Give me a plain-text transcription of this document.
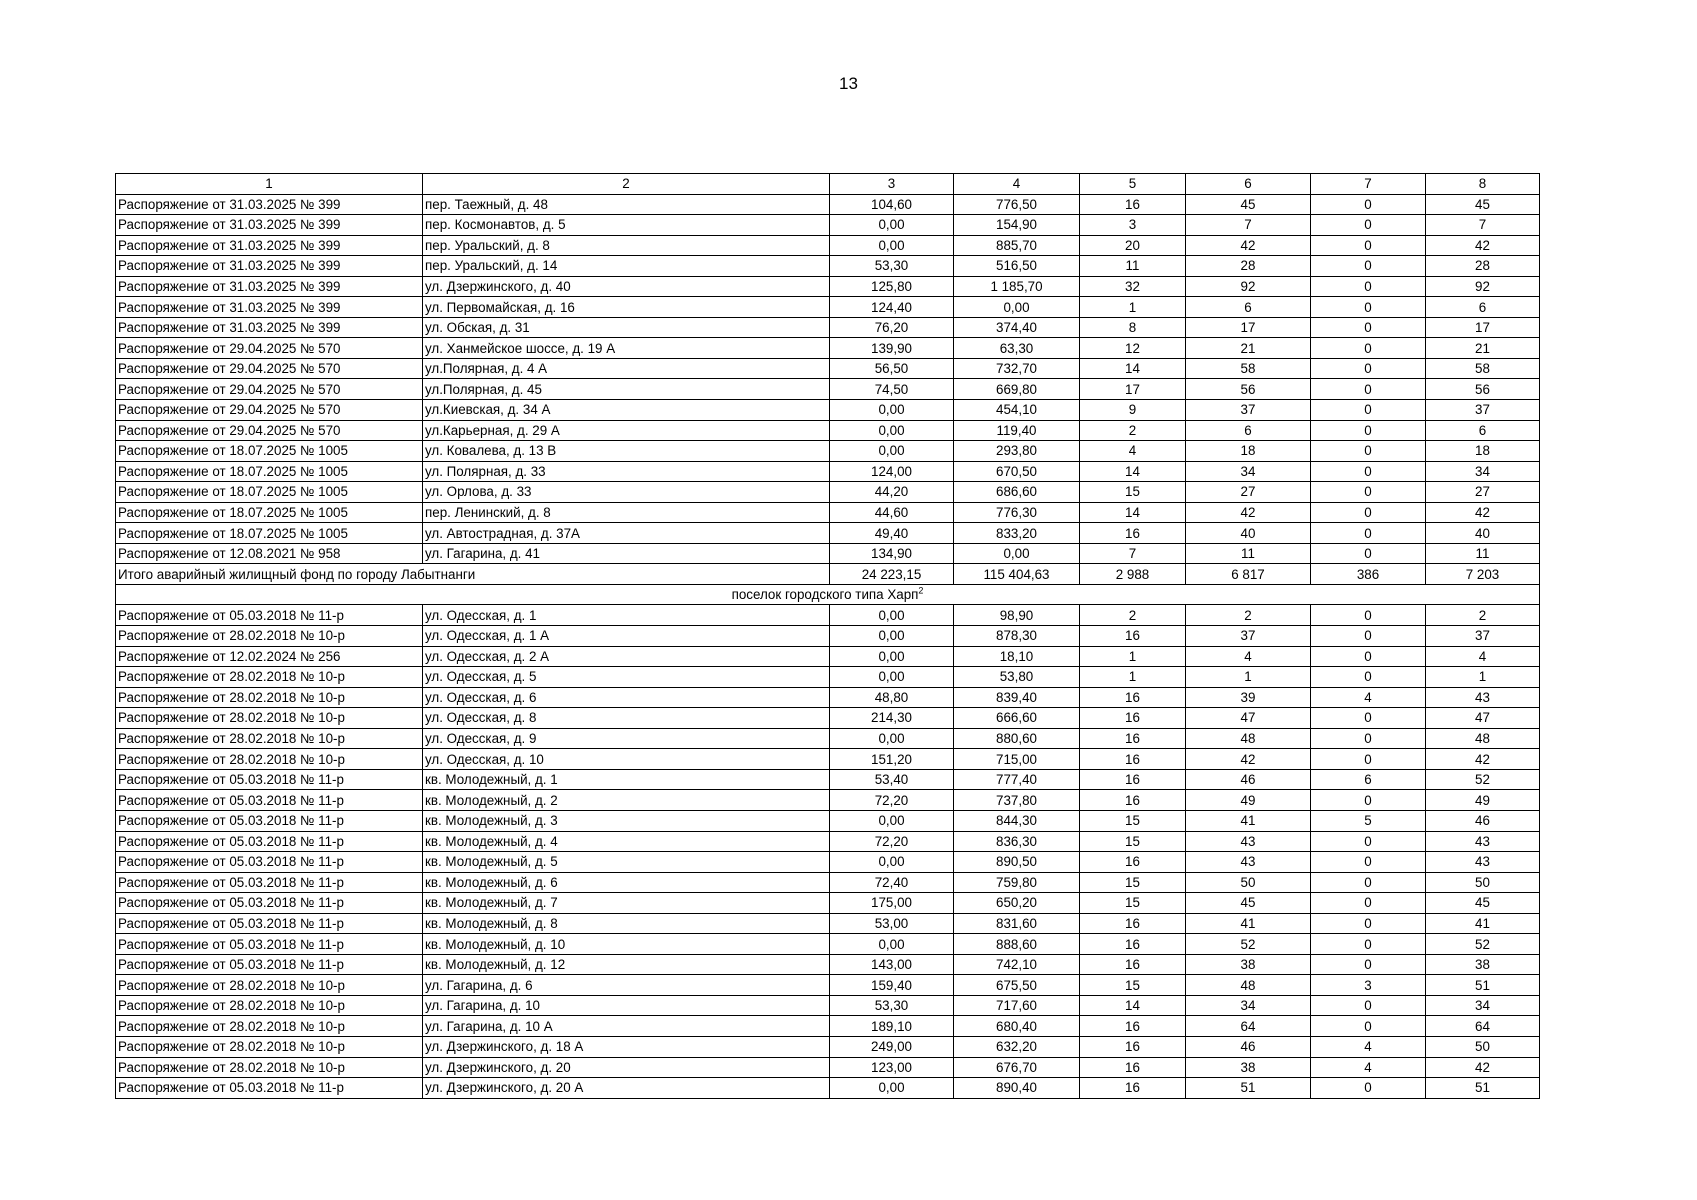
13
1	2	3	4	5	6	7	8
Распоряжение от 31.03.2025 № 399	пер. Таежный, д. 48	104,60	776,50	16	45	0	45
Распоряжение от 31.03.2025 № 399	пер. Космонавтов, д. 5	0,00	154,90	3	7	0	7
Распоряжение от 31.03.2025 № 399	пер. Уральский, д. 8	0,00	885,70	20	42	0	42
Распоряжение от 31.03.2025 № 399	пер. Уральский, д. 14	53,30	516,50	11	28	0	28
Распоряжение от 31.03.2025 № 399	ул. Дзержинского, д. 40	125,80	1 185,70	32	92	0	92
Распоряжение от 31.03.2025 № 399	ул. Первомайская, д. 16	124,40	0,00	1	6	0	6
Распоряжение от 31.03.2025 № 399	ул. Обская, д. 31	76,20	374,40	8	17	0	17
Распоряжение от 29.04.2025 № 570	ул. Ханмейское шоссе, д. 19 А	139,90	63,30	12	21	0	21
Распоряжение от 29.04.2025 № 570	ул.Полярная, д. 4 А	56,50	732,70	14	58	0	58
Распоряжение от 29.04.2025 № 570	ул.Полярная, д. 45	74,50	669,80	17	56	0	56
Распоряжение от 29.04.2025 № 570	ул.Киевская, д. 34 А	0,00	454,10	9	37	0	37
Распоряжение от 29.04.2025 № 570	ул.Карьерная, д. 29 А	0,00	119,40	2	6	0	6
Распоряжение от 18.07.2025 № 1005	ул. Ковалева, д. 13 В	0,00	293,80	4	18	0	18
Распоряжение от 18.07.2025 № 1005	ул. Полярная, д. 33	124,00	670,50	14	34	0	34
Распоряжение от 18.07.2025 № 1005	ул. Орлова, д. 33	44,20	686,60	15	27	0	27
Распоряжение от 18.07.2025 № 1005	пер. Ленинский, д. 8	44,60	776,30	14	42	0	42
Распоряжение от 18.07.2025 № 1005	ул. Автострадная, д. 37А	49,40	833,20	16	40	0	40
Распоряжение от 12.08.2021 № 958	ул. Гагарина, д. 41	134,90	0,00	7	11	0	11
Итого аварийный жилищный фонд по городу Лабытнанги		24 223,15	115 404,63	2 988	6 817	386	7 203
поселок городского типа Харп$^2$
Распоряжение от 05.03.2018 № 11-р	ул. Одесская, д. 1	0,00	98,90	2	2	0	2
Распоряжение от 28.02.2018 № 10-р	ул. Одесская, д. 1 А	0,00	878,30	16	37	0	37
Распоряжение от 12.02.2024 № 256	ул. Одесская, д. 2 А	0,00	18,10	1	4	0	4
Распоряжение от 28.02.2018 № 10-р	ул. Одесская, д. 5	0,00	53,80	1	1	0	1
Распоряжение от 28.02.2018 № 10-р	ул. Одесская, д. 6	48,80	839,40	16	39	4	43
Распоряжение от 28.02.2018 № 10-р	ул. Одесская, д. 8	214,30	666,60	16	47	0	47
Распоряжение от 28.02.2018 № 10-р	ул. Одесская, д. 9	0,00	880,60	16	48	0	48
Распоряжение от 28.02.2018 № 10-р	ул. Одесская, д. 10	151,20	715,00	16	42	0	42
Распоряжение от 05.03.2018 № 11-р	кв. Молодежный, д. 1	53,40	777,40	16	46	6	52
Распоряжение от 05.03.2018 № 11-р	кв. Молодежный, д. 2	72,20	737,80	16	49	0	49
Распоряжение от 05.03.2018 № 11-р	кв. Молодежный, д. 3	0,00	844,30	15	41	5	46
Распоряжение от 05.03.2018 № 11-р	кв. Молодежный, д. 4	72,20	836,30	15	43	0	43
Распоряжение от 05.03.2018 № 11-р	кв. Молодежный, д. 5	0,00	890,50	16	43	0	43
Распоряжение от 05.03.2018 № 11-р	кв. Молодежный, д. 6	72,40	759,80	15	50	0	50
Распоряжение от 05.03.2018 № 11-р	кв. Молодежный, д. 7	175,00	650,20	15	45	0	45
Распоряжение от 05.03.2018 № 11-р	кв. Молодежный, д. 8	53,00	831,60	16	41	0	41
Распоряжение от 05.03.2018 № 11-р	кв. Молодежный, д. 10	0,00	888,60	16	52	0	52
Распоряжение от 05.03.2018 № 11-р	кв. Молодежный, д. 12	143,00	742,10	16	38	0	38
Распоряжение от 28.02.2018 № 10-р	ул. Гагарина, д. 6	159,40	675,50	15	48	3	51
Распоряжение от 28.02.2018 № 10-р	ул. Гагарина, д. 10	53,30	717,60	14	34	0	34
Распоряжение от 28.02.2018 № 10-р	ул. Гагарина, д. 10 А	189,10	680,40	16	64	0	64
Распоряжение от 28.02.2018 № 10-р	ул. Дзержинского, д. 18 А	249,00	632,20	16	46	4	50
Распоряжение от 28.02.2018 № 10-р	ул. Дзержинского, д. 20	123,00	676,70	16	38	4	42
Распоряжение от 05.03.2018 № 11-р	ул. Дзержинского, д. 20 А	0,00	890,40	16	51	0	51
